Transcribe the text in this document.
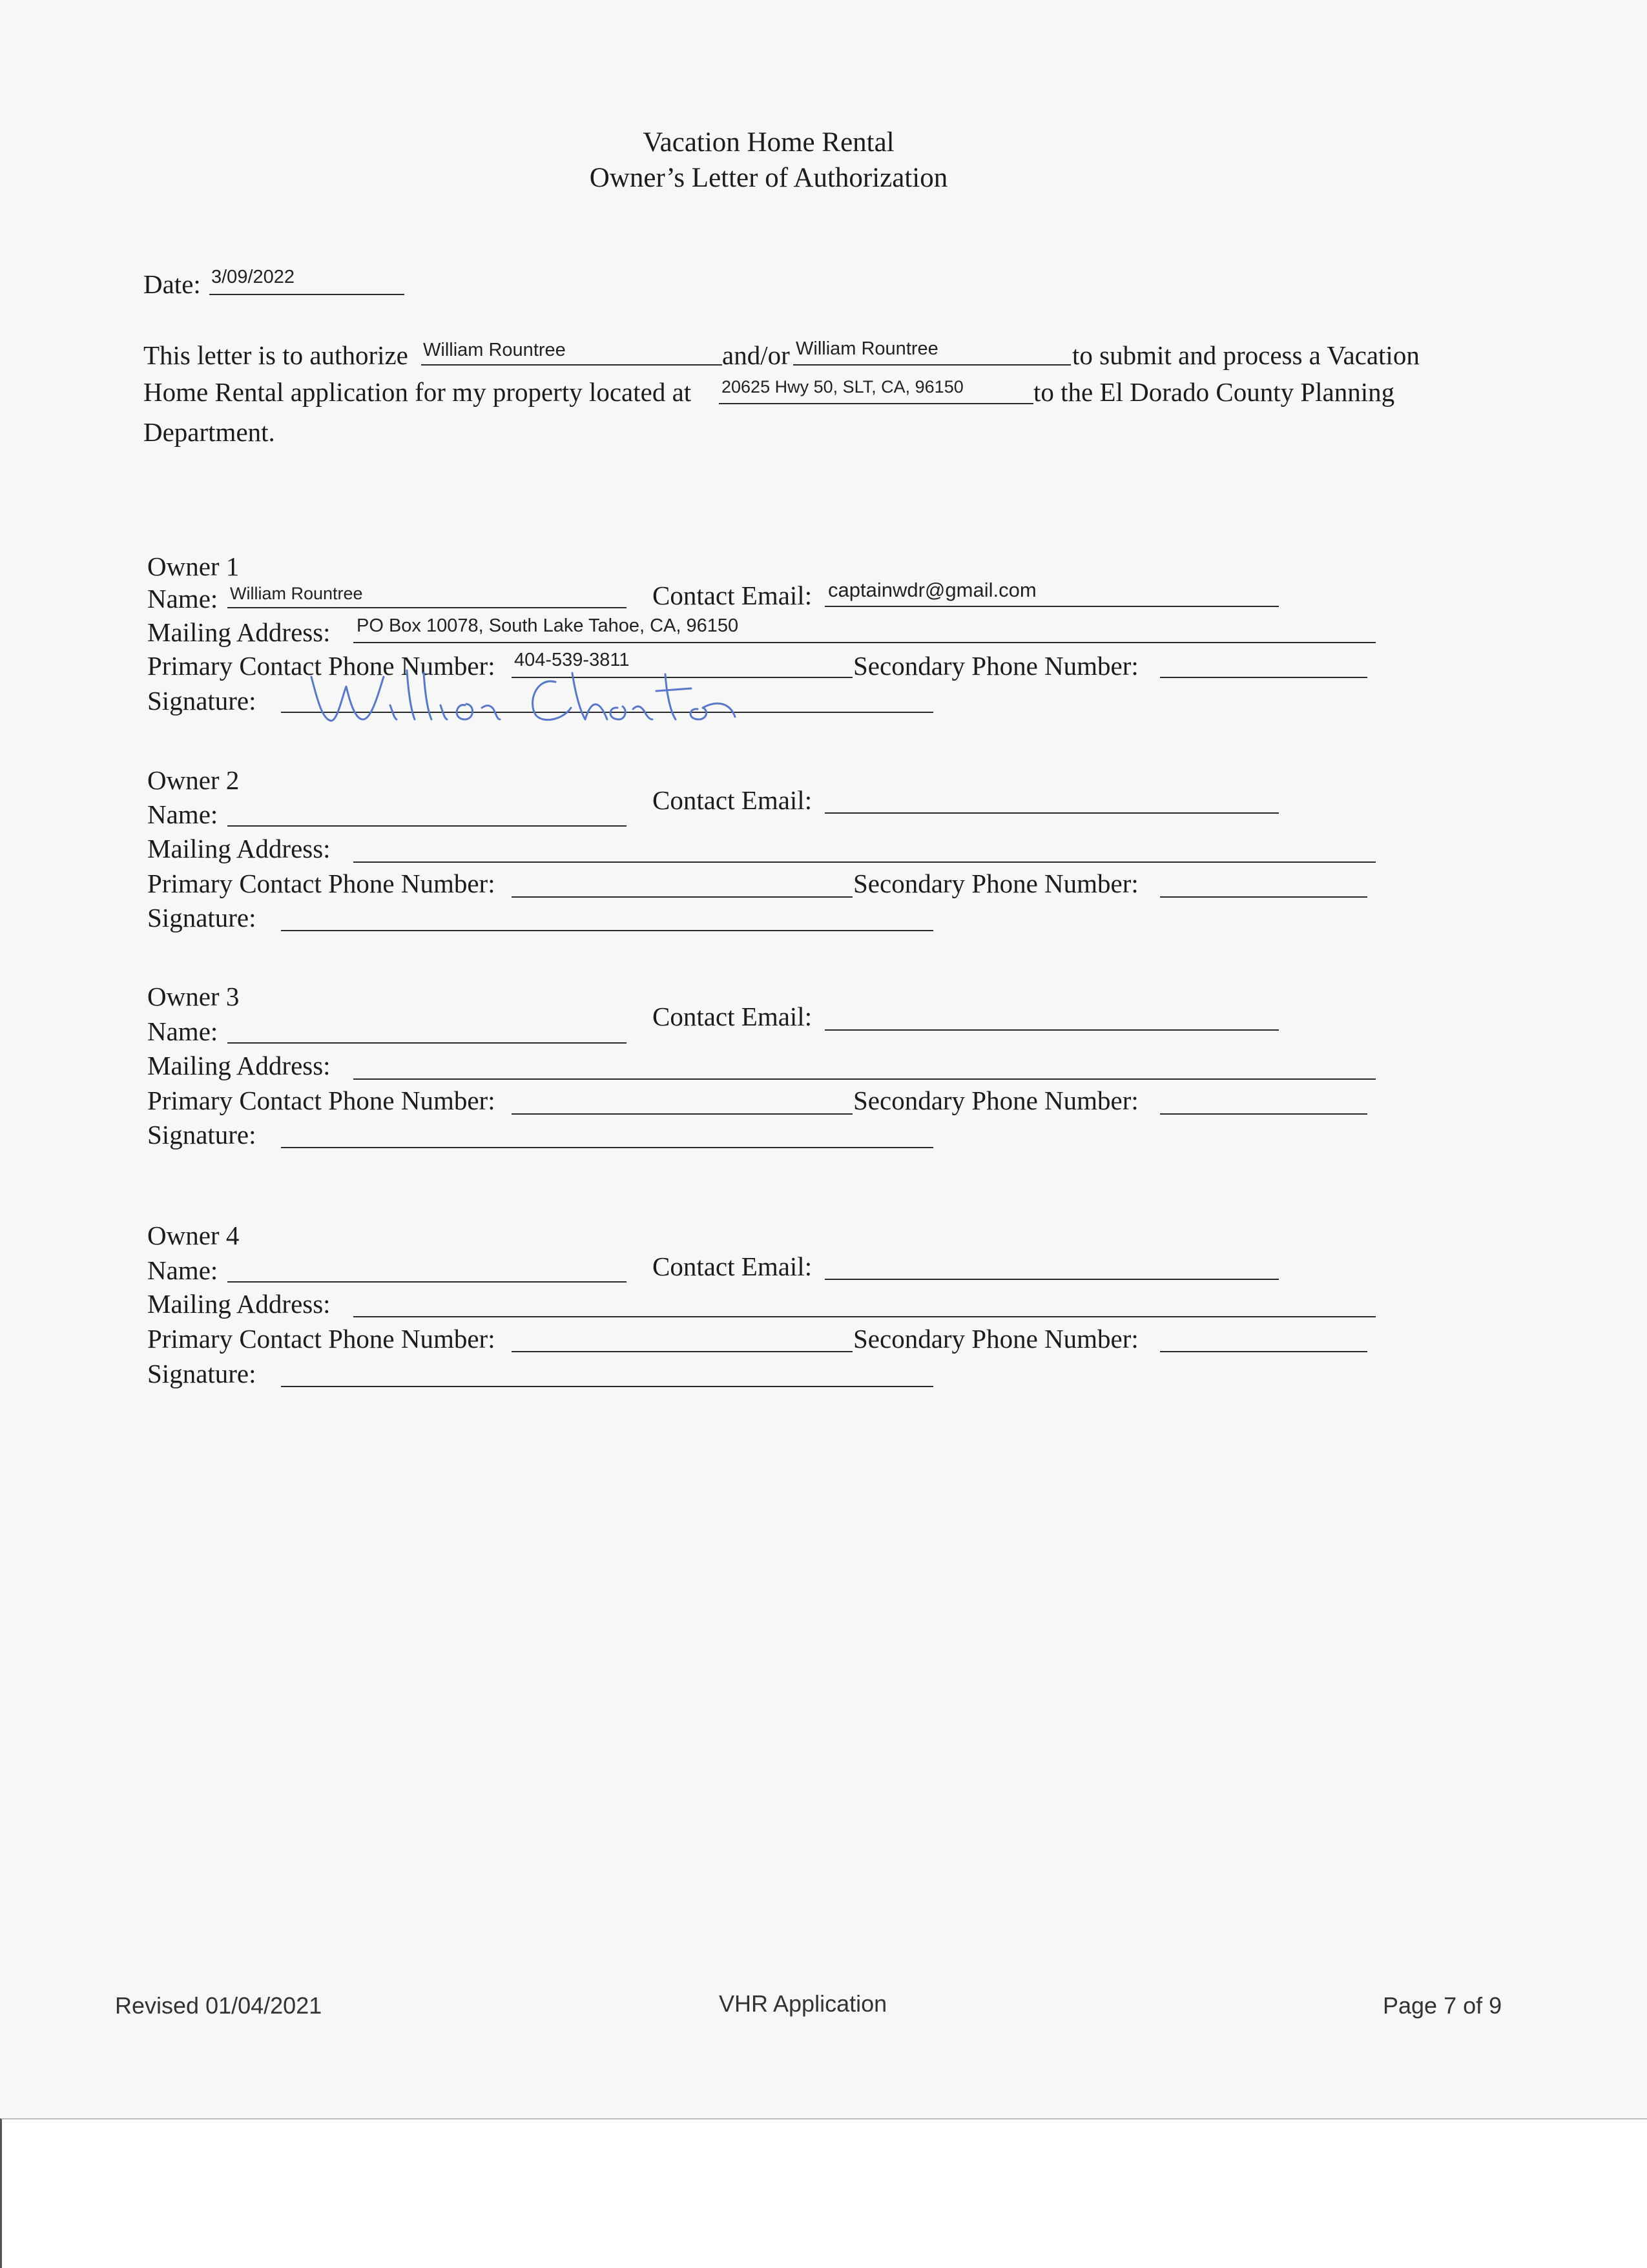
Vacation Home Rental
Owner’s Letter of Authorization
Date: 3/09/2022
This letter is to authorize William Rountree	and/or William Rountree	to submit and process a Vacation
Home Rental application for my property located at 20625 Hwy 50, SLT, CA, 96150	to the El Dorado County Planning
Department.
Owner 1
Name: William Rountree	Contact Email: captainwdr@gmail.com
Mailing Address: PO Box 10078, South Lake Tahoe, CA, 96150
Primary Contact Phone Number: 404-539-3811	Secondary Phone Number:
Signature:
Owner 2
Name:	Contact Email:
Mailing Address:
Primary Contact Phone Number:	Secondary Phone Number:
Signature:
Owner 3
Name:	Contact Email:
Mailing Address:
Primary Contact Phone Number:	Secondary Phone Number:
Signature:
Owner 4
Name:	Contact Email:
Mailing Address:
Primary Contact Phone Number:	Secondary Phone Number:
Signature:
Revised 01/04/2021	VHR Application	Page 7 of 9
